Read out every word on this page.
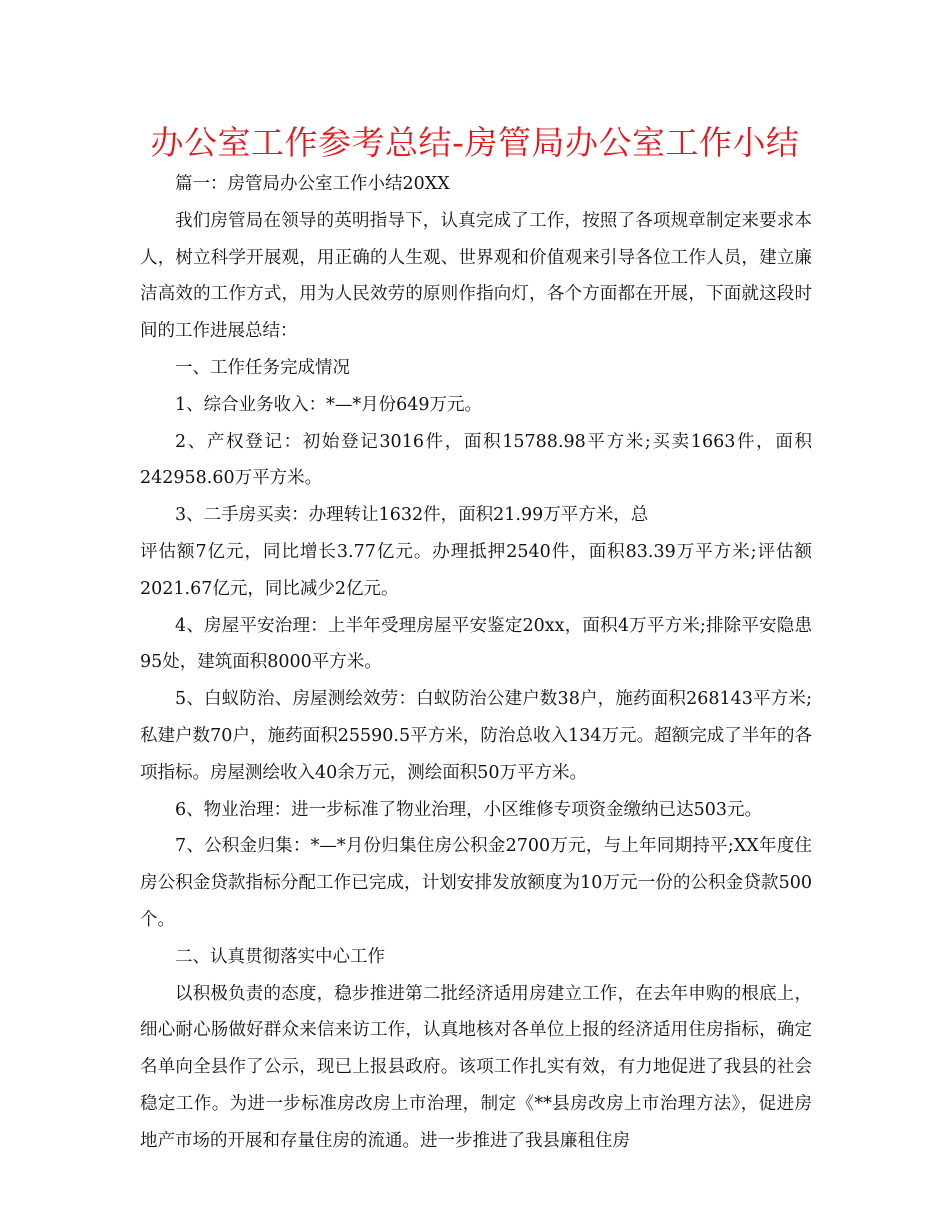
办公室工作参考总结-房管局办公室工作小结

篇一：房管局办公室工作小结20XX

我们房管局在领导的英明指导下，认真完成了工作，按照了各项规章制定来要求本人，树立科学开展观，用正确的人生观、世界观和价值观来引导各位工作人员，建立廉洁高效的工作方式，用为人民效劳的原则作指向灯，各个方面都在开展，下面就这段时间的工作进展总结：

一、工作任务完成情况

1、综合业务收入：*—*月份649万元。

2、产权登记：初始登记3016件，面积15788.98平方米;买卖1663件，面积242958.60万平方米。

3、二手房买卖：办理转让1632件，面积21.99万平方米，总

评估额7亿元，同比增长3.77亿元。办理抵押2540件，面积83.39万平方米;评估额2021.67亿元，同比减少2亿元。

4、房屋平安治理：上半年受理房屋平安鉴定20xx，面积4万平方米;排除平安隐患95处，建筑面积8000平方米。

5、白蚁防治、房屋测绘效劳：白蚁防治公建户数38户，施药面积268143平方米;私建户数70户，施药面积25590.5平方米，防治总收入134万元。超额完成了半年的各项指标。房屋测绘收入40余万元，测绘面积50万平方米。

6、物业治理：进一步标准了物业治理，小区维修专项资金缴纳已达503元。

7、公积金归集：*—*月份归集住房公积金2700万元，与上年同期持平;XX年度住房公积金贷款指标分配工作已完成，计划安排发放额度为10万元一份的公积金贷款500个。

二、认真贯彻落实中心工作

以积极负责的态度，稳步推进第二批经济适用房建立工作，在去年申购的根底上，细心耐心肠做好群众来信来访工作，认真地核对各单位上报的经济适用住房指标，确定名单向全县作了公示，现已上报县政府。该项工作扎实有效，有力地促进了我县的社会稳定工作。为进一步标准房改房上市治理，制定《**县房改房上市治理方法》，促进房地产市场的开展和存量住房的流通。进一步推进了我县廉租住房
